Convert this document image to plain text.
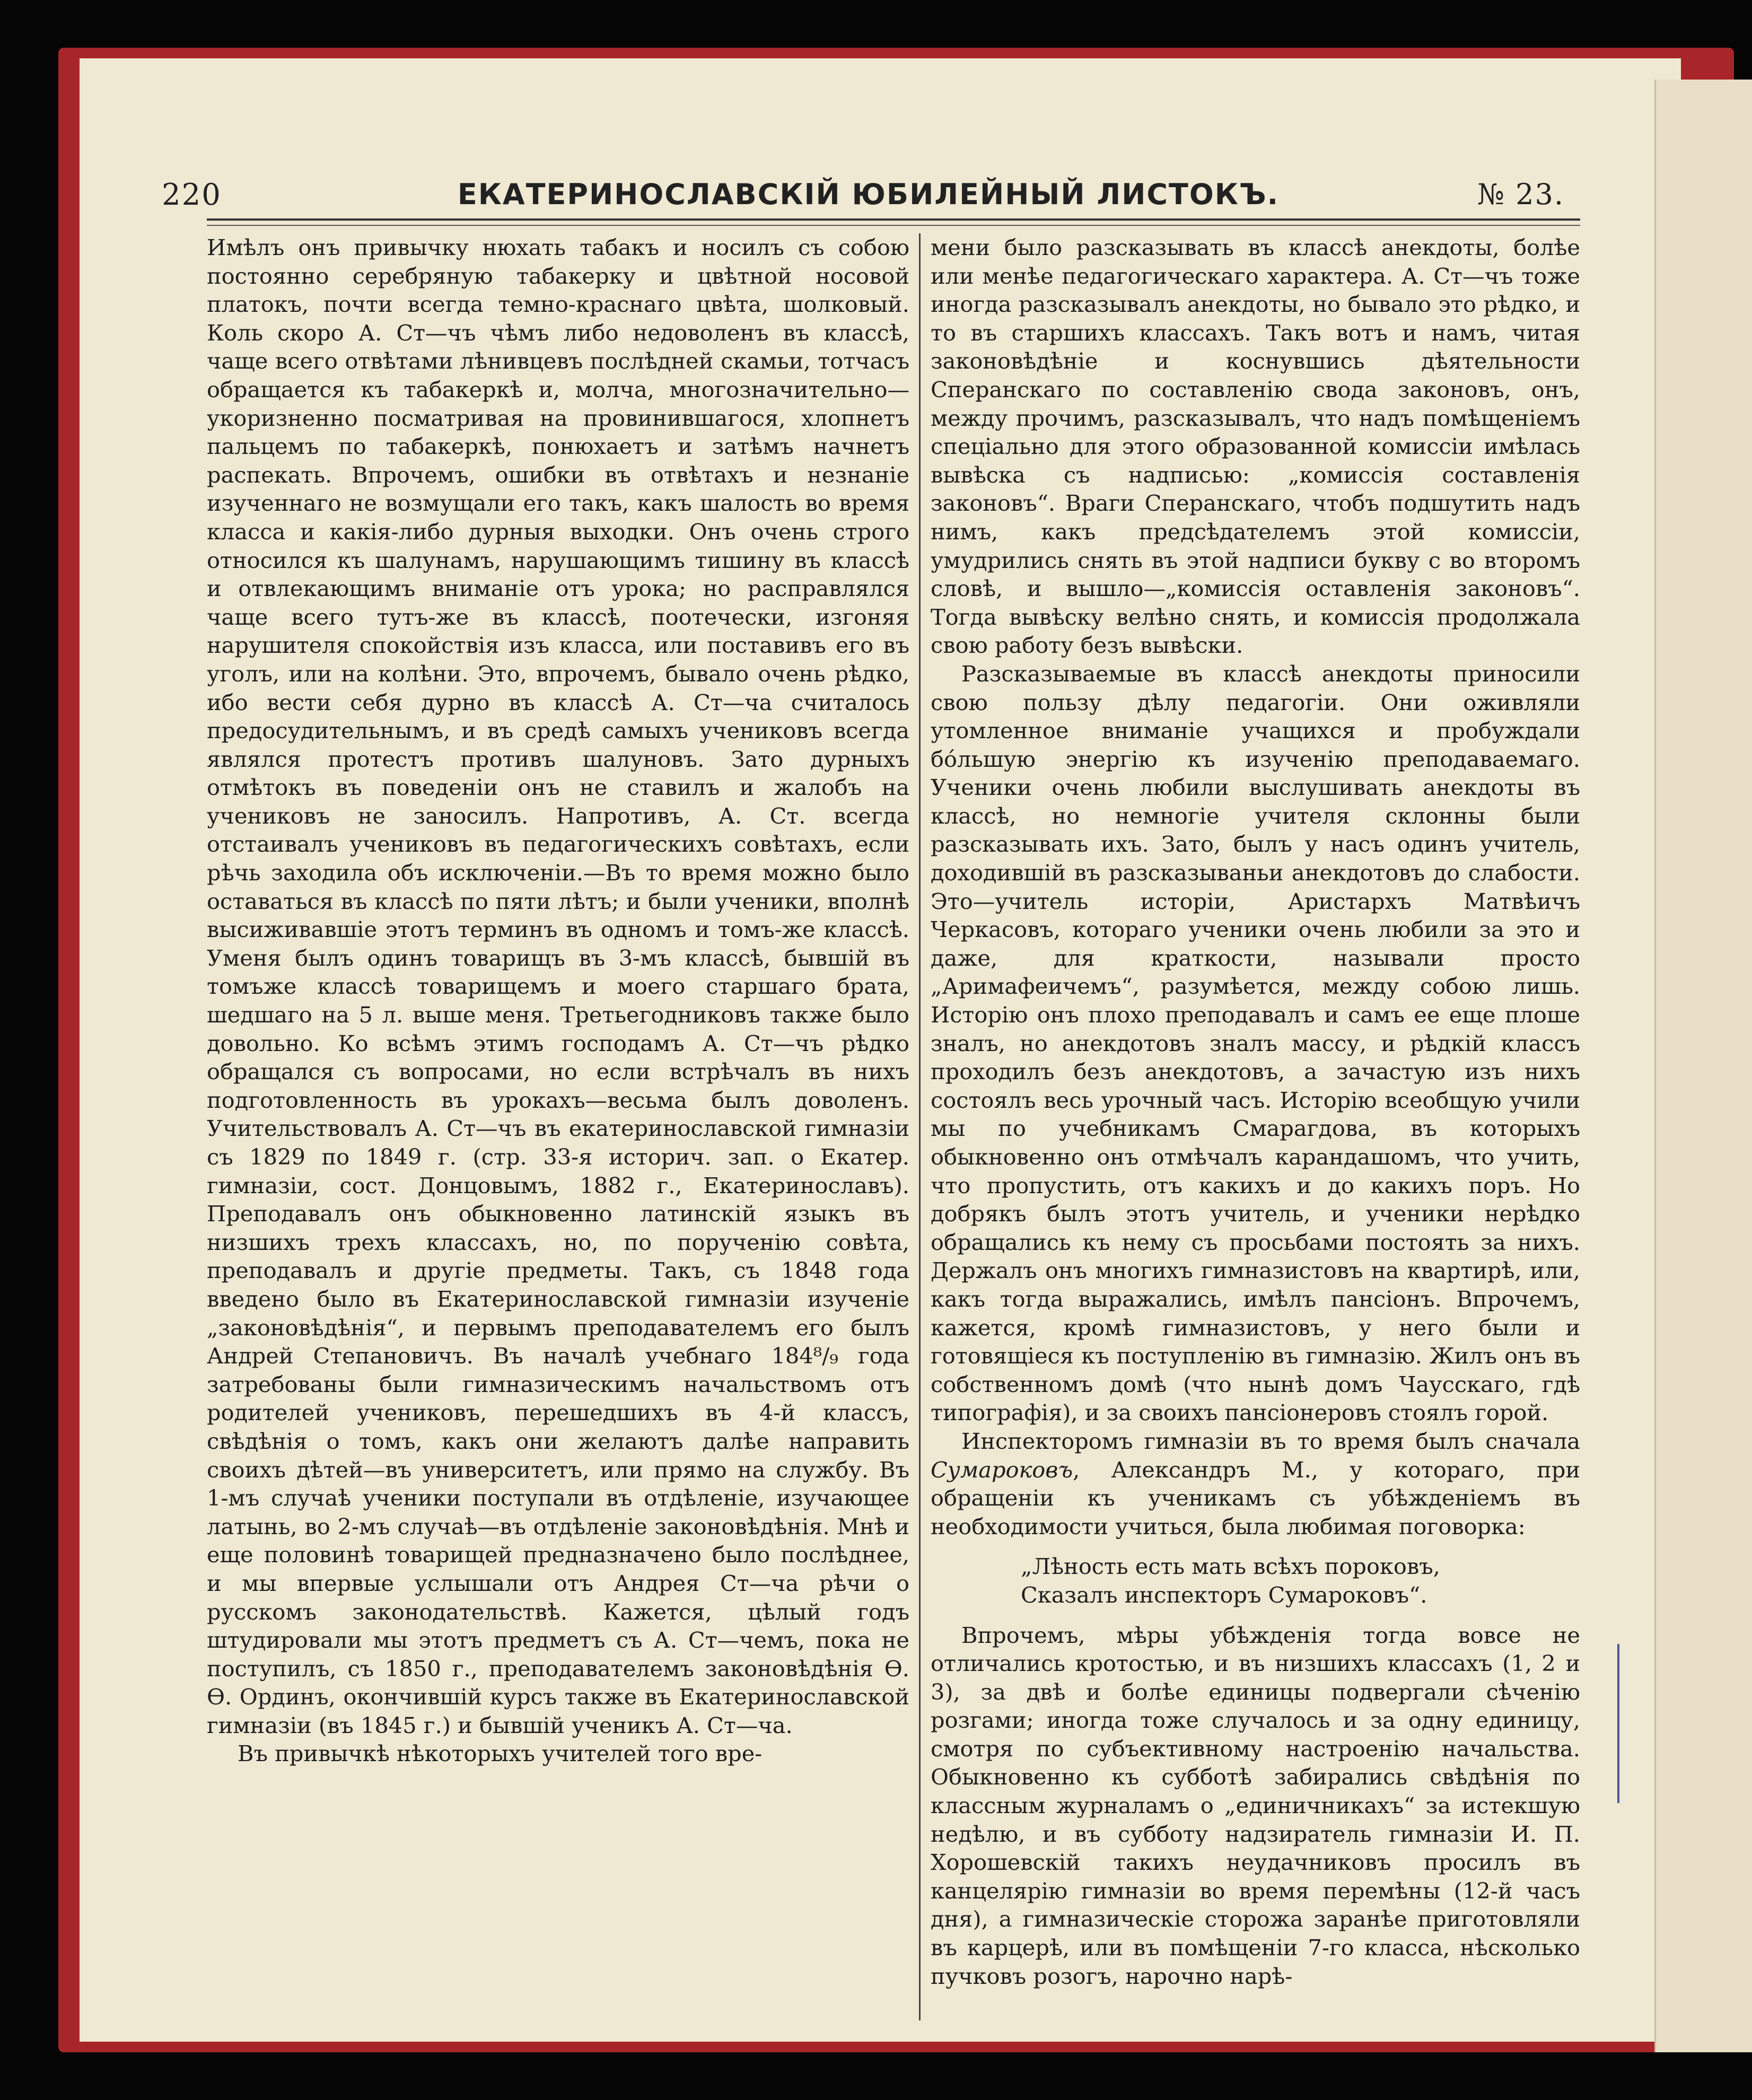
220	ЕКАТЕРИНОСЛАВСКІЙ ЮБИЛЕЙНЫЙ ЛИСТОКЪ.	№ 23.

Имѣлъ онъ привычку нюхать табакъ и носилъ съ собою постоянно серебряную табакерку и цвѣтной носовой платокъ, почти всегда темно-краснаго цвѣта, шолковый. Коль скоро А. Ст—чъ чѣмъ либо недоволенъ въ классѣ, чаще всего отвѣтами лѣнивцевъ послѣдней скамьи, тотчасъ обращается къ табакеркѣ и, молча, многозначительно—укоризненно посматривая на провинившагося, хлопнетъ пальцемъ по табакеркѣ, понюхаетъ и затѣмъ начнетъ распекать. Впрочемъ, ошибки въ отвѣтахъ и незнаніе изученнаго не возмущали его такъ, какъ шалость во время класса и какія-либо дурныя выходки. Онъ очень строго относился къ шалунамъ, нарушающимъ тишину въ классѣ и отвлекающимъ вниманіе отъ урока; но расправлялся чаще всего тутъ-же въ классѣ, поотечески, изгоняя нарушителя спокойствія изъ класса, или поставивъ его въ уголъ, или на колѣни. Это, впрочемъ, бывало очень рѣдко, ибо вести себя дурно въ классѣ А. Ст—ча считалось предосудительнымъ, и въ средѣ самыхъ учениковъ всегда являлся протестъ противъ шалуновъ. Зато дурныхъ отмѣтокъ въ поведеніи онъ не ставилъ и жалобъ на учениковъ не заносилъ. Напротивъ, А. Ст. всегда отстаивалъ учениковъ въ педагогическихъ совѣтахъ, если рѣчь заходила объ исключеніи.—Въ то время можно было оставаться въ классѣ по пяти лѣтъ; и были ученики, вполнѣ высиживавшіе этотъ терминъ въ одномъ и томъ-же классѣ. Уменя былъ одинъ товарищъ въ 3-мъ классѣ, бывшій въ томъже классѣ товарищемъ и моего старшаго брата, шедшаго на 5 л. выше меня. Третьегодниковъ также было довольно. Ко всѣмъ этимъ господамъ А. Ст—чъ рѣдко обращался съ вопросами, но если встрѣчалъ въ нихъ подготовленность въ урокахъ—весьма былъ доволенъ. Учительствовалъ А. Ст—чъ въ екатеринославской гимназіи съ 1829 по 1849 г. (стр. 33-я историч. зап. о Екатер. гимназіи, сост. Донцовымъ, 1882 г., Екатеринославъ). Преподавалъ онъ обыкновенно латинскій языкъ въ низшихъ трехъ классахъ, но, по порученію совѣта, преподавалъ и другіе предметы. Такъ, съ 1848 года введено было въ Екатеринославской гимназіи изученіе „законовѣдѣнія“, и первымъ преподавателемъ его былъ Андрей Степановичъ. Въ началѣ учебнаго 184⁸/₉ года затребованы были гимназическимъ начальствомъ отъ родителей учениковъ, перешедшихъ въ 4-й классъ, свѣдѣнія о томъ, какъ они желаютъ далѣе направить своихъ дѣтей—въ университетъ, или прямо на службу. Въ 1-мъ случаѣ ученики поступали въ отдѣленіе, изучающее латынь, во 2-мъ случаѣ—въ отдѣленіе законовѣдѣнія. Мнѣ и еще половинѣ товарищей предназначено было послѣднее, и мы впервые услышали отъ Андрея Ст—ча рѣчи о русскомъ законодательствѣ. Кажется, цѣлый годъ штудировали мы этотъ предметъ съ А. Ст—чемъ, пока не поступилъ, съ 1850 г., преподавателемъ законовѣдѣнія Ѳ. Ѳ. Ординъ, окончившій курсъ также въ Екатеринославской гимназіи (въ 1845 г.) и бывшій ученикъ А. Ст—ча.

Въ привычкѣ нѣкоторыхъ учителей того вре-

мени было разсказывать въ классѣ анекдоты, болѣе или менѣе педагогическаго характера. А. Ст—чъ тоже иногда разсказывалъ анекдоты, но бывало это рѣдко, и то въ старшихъ классахъ. Такъ вотъ и намъ, читая законовѣдѣніе и коснувшись дѣятельности Сперанскаго по составленію свода законовъ, онъ, между прочимъ, разсказывалъ, что надъ помѣщеніемъ спеціально для этого образованной комиссіи имѣлась вывѣска съ надписью: „комиссія составленія законовъ“. Враги Сперанскаго, чтобъ подшутить надъ нимъ, какъ предсѣдателемъ этой комиссіи, умудрились снять въ этой надписи букву с во второмъ словѣ, и вышло—„комиссія оставленія законовъ“. Тогда вывѣску велѣно снять, и комиссія продолжала свою работу безъ вывѣски.

Разсказываемые въ классѣ анекдоты приносили свою пользу дѣлу педагогіи. Они оживляли утомленное вниманіе учащихся и пробуждали бо́льшую энергію къ изученію преподаваемаго. Ученики очень любили выслушивать анекдоты въ классѣ, но немногіе учителя склонны были разсказывать ихъ. Зато, былъ у насъ одинъ учитель, доходившій въ разсказываньи анекдотовъ до слабости. Это—учитель исторіи, Аристархъ Матвѣичъ Черкасовъ, котораго ученики очень любили за это и даже, для краткости, называли просто „Аримафеичемъ“, разумѣется, между собою лишь. Исторію онъ плохо преподавалъ и самъ ее еще плоше зналъ, но анекдотовъ зналъ массу, и рѣдкій классъ проходилъ безъ анекдотовъ, а зачастую изъ нихъ состоялъ весь урочный часъ. Исторію всеобщую учили мы по учебникамъ Смарагдова, въ которыхъ обыкновенно онъ отмѣчалъ карандашомъ, что учить, что пропустить, отъ какихъ и до какихъ поръ. Но добрякъ былъ этотъ учитель, и ученики нерѣдко обращались къ нему съ просьбами постоять за нихъ. Держалъ онъ многихъ гимназистовъ на квартирѣ, или, какъ тогда выражались, имѣлъ пансіонъ. Впрочемъ, кажется, кромѣ гимназистовъ, у него были и готовящіеся къ поступленію въ гимназію. Жилъ онъ въ собственномъ домѣ (что нынѣ домъ Чаусскаго, гдѣ типографія), и за своихъ пансіонеровъ стоялъ горой.

Инспекторомъ гимназіи въ то время былъ сначала Сумароковъ, Александръ М., у котораго, при обращеніи къ ученикамъ съ убѣжденіемъ въ необходимости учиться, была любимая поговорка:

„Лѣность есть мать всѣхъ пороковъ,
Сказалъ инспекторъ Сумароковъ“.

Впрочемъ, мѣры убѣжденія тогда вовсе не отличались кротостью, и въ низшихъ классахъ (1, 2 и 3), за двѣ и болѣе единицы подвергали сѣченію розгами; иногда тоже случалось и за одну единицу, смотря по субъективному настроенію начальства. Обыкновенно къ субботѣ забирались свѣдѣнія по классным журналамъ о „единичникахъ“ за истекшую недѣлю, и въ субботу надзиратель гимназіи И. П. Хорошевскій такихъ неудачниковъ просилъ въ канцелярію гимназіи во время перемѣны (12-й часъ дня), а гимназическіе сторожа заранѣе приготовляли въ карцерѣ, или въ помѣщеніи 7-го класса, нѣсколько пучковъ розогъ, нарочно нарѣ-
